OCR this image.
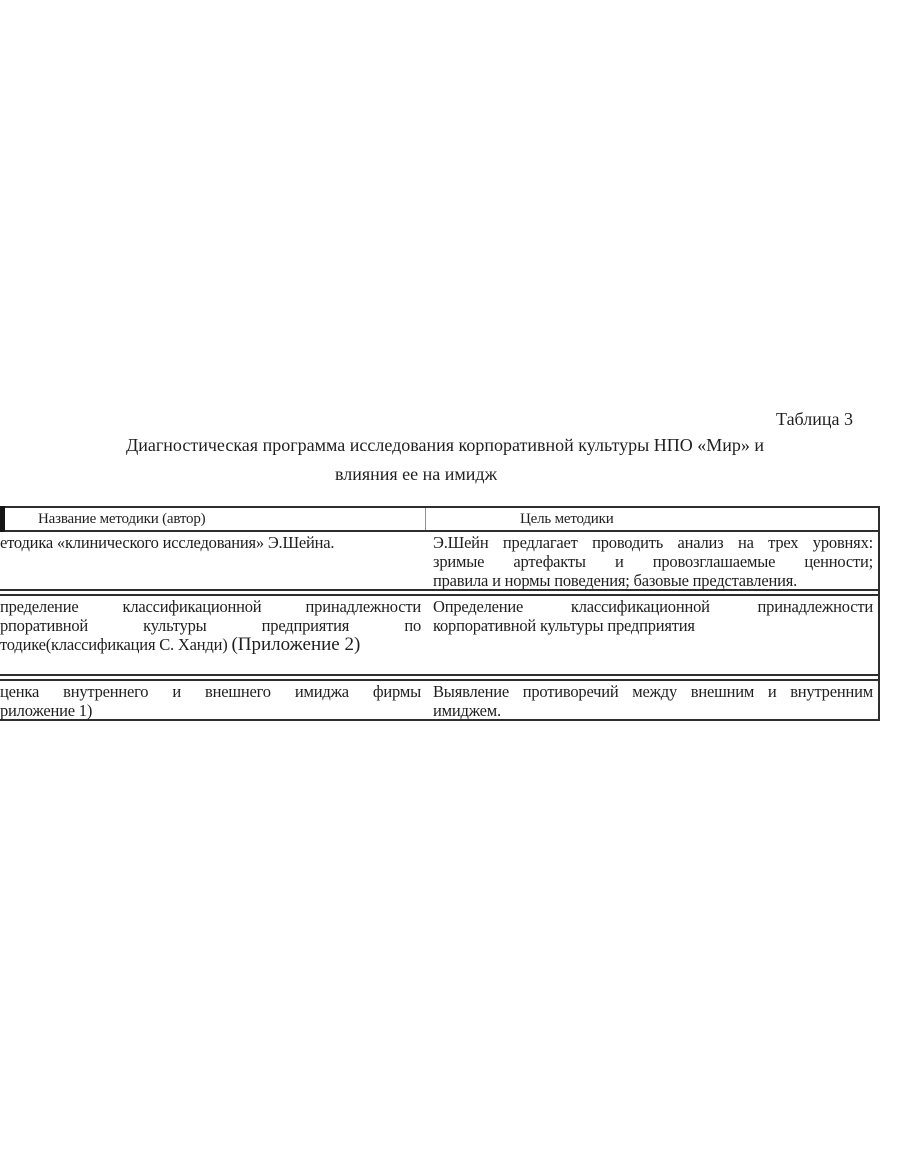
Таблица 3
Диагностическая программа исследования корпоративной культуры НПО «Мир» и
влияния ее на имидж
Название методики (автор)	Цель методики
етодика «клинического исследования» Э.Шейна.	Э.Шейн предлагает проводить анализ на трех уровнях:
зримые артефакты и провозглашаемые ценности;
правила и нормы поведения; базовые представления.
пределение классификационной принадлежности
рпоративной культуры предприятия по
тодике(классификация С. Ханди) (Приложение 2)
Определение классификационной принадлежности
корпоративной культуры предприятия
ценка внутреннего и внешнего имиджа фирмы
риложение 1)
Выявление противоречий между внешним и внутренним
имиджем.
